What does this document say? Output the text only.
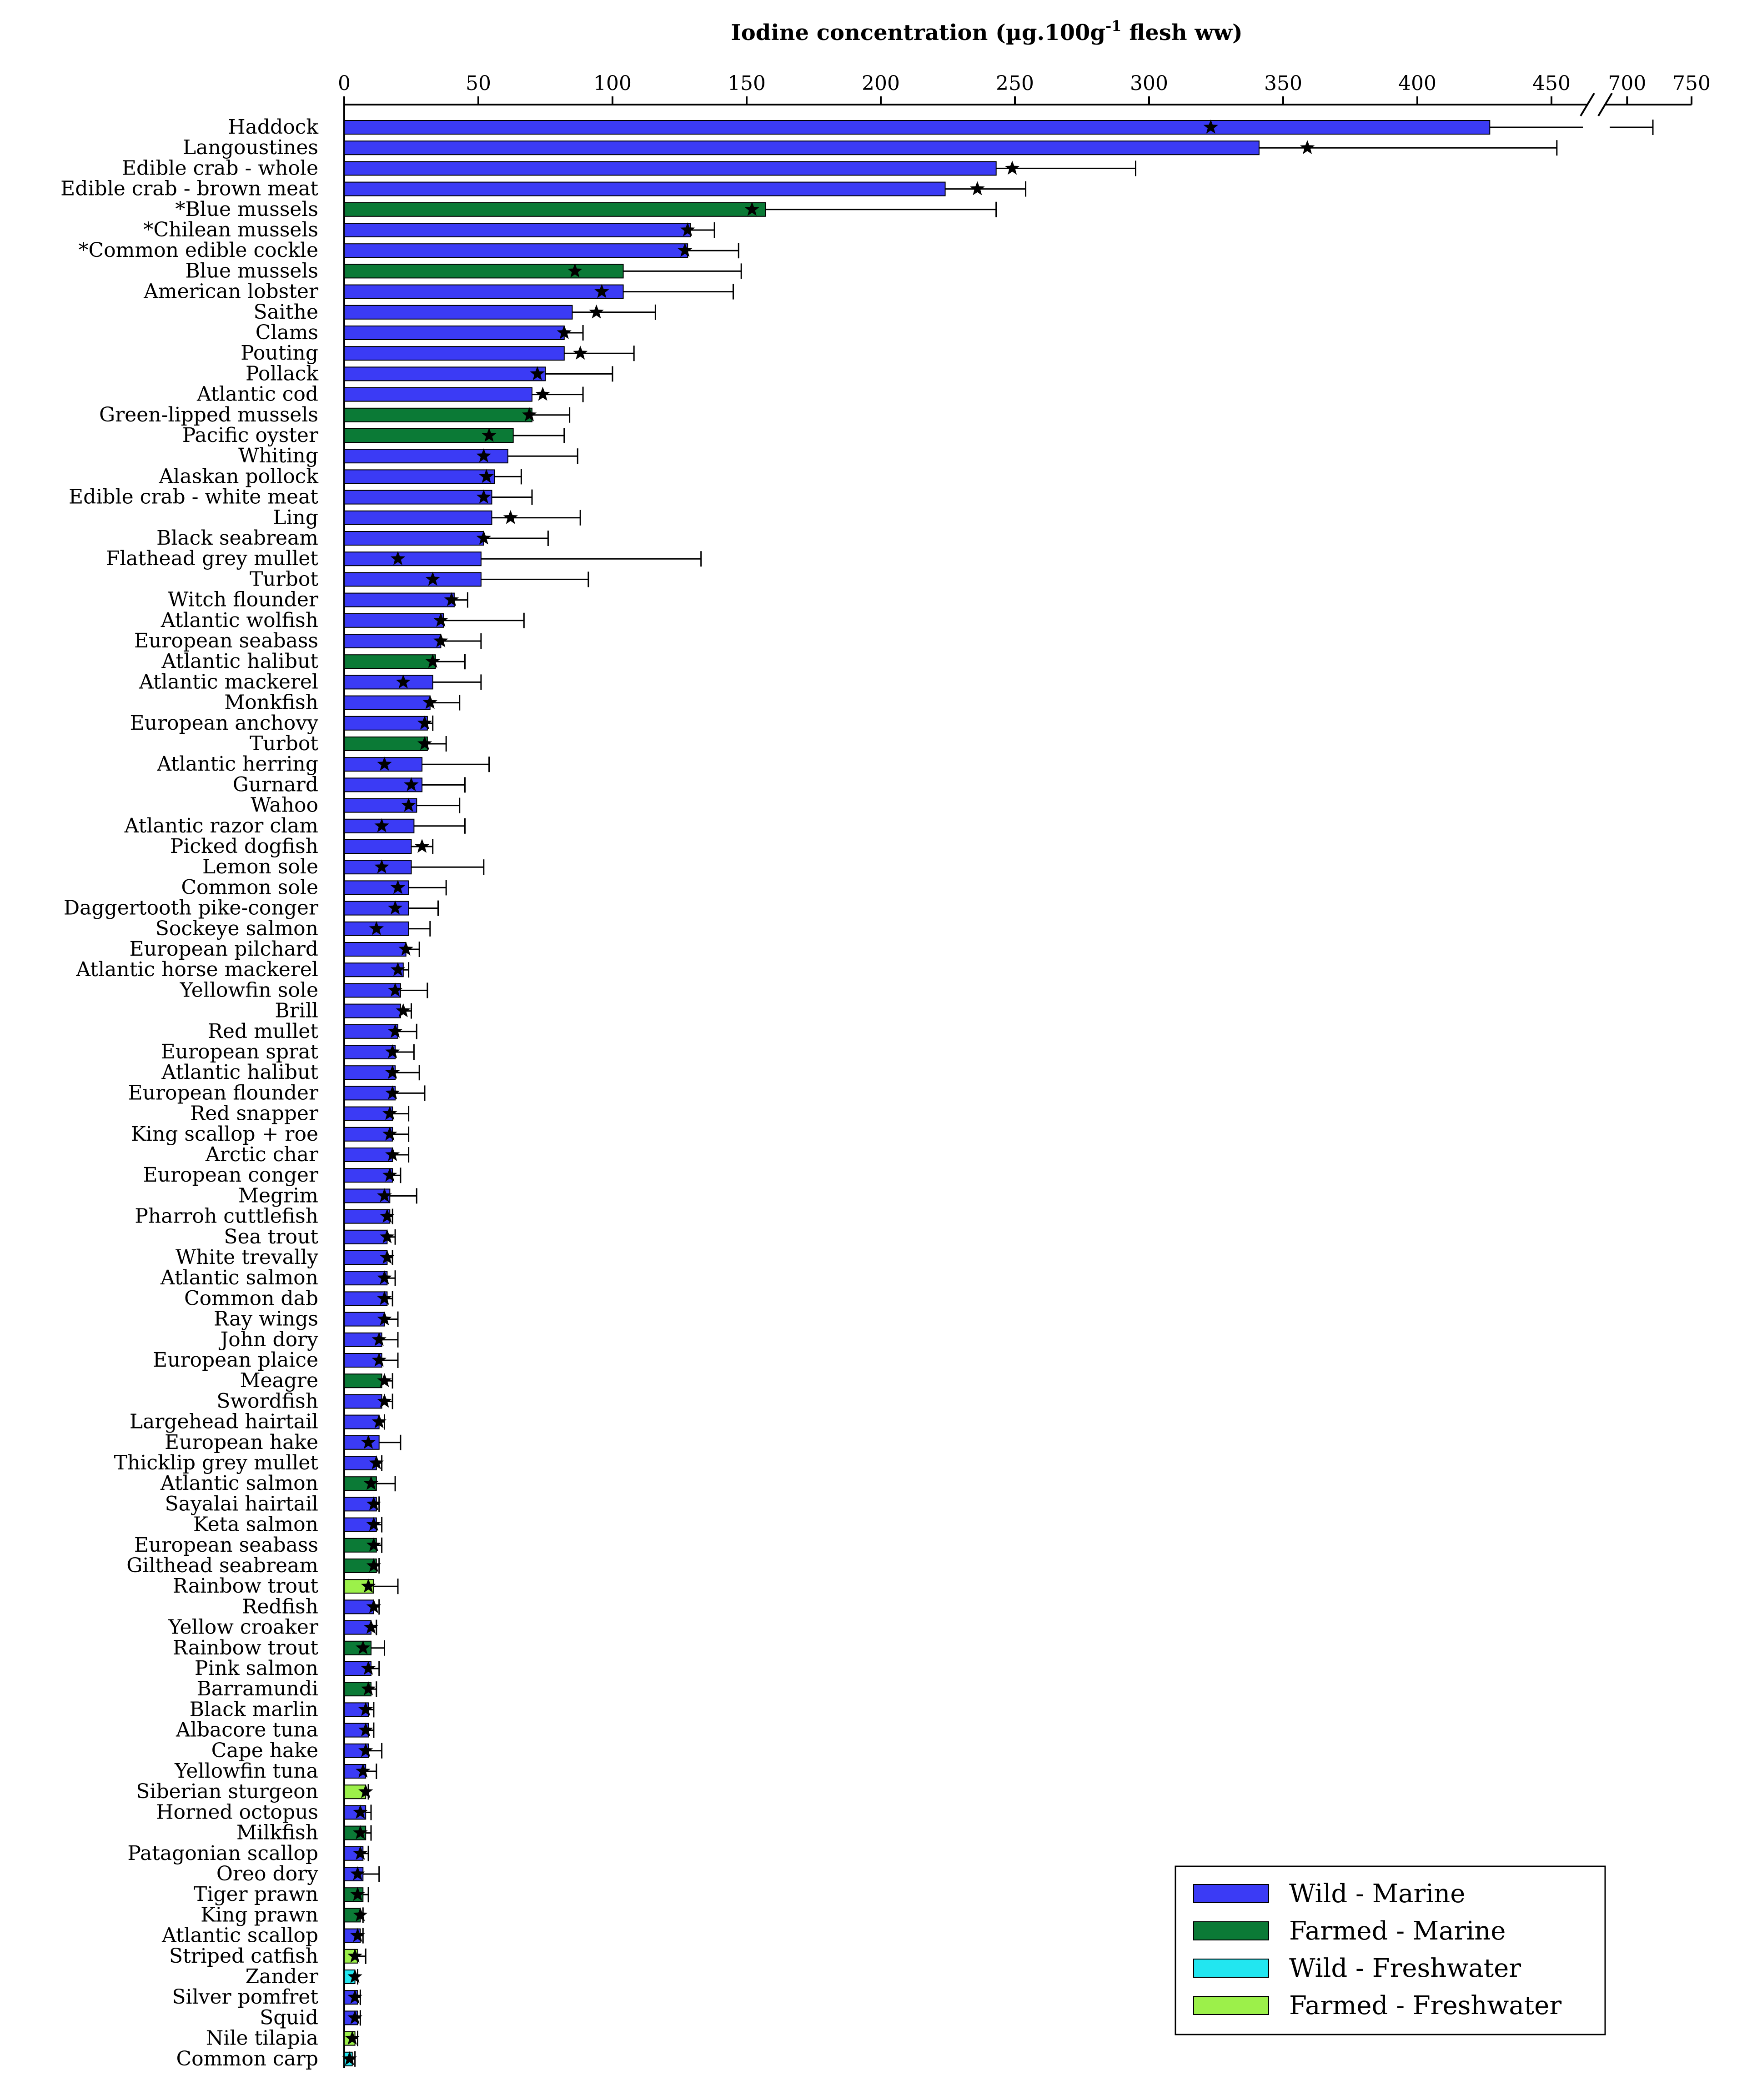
Iodine concentration ($\mu g.100g^{-1}$ flesh ww)
0	50	100	150	200	250	300	350	400	450 700 750
Haddock
Langoustines
Edible crab - whole
Edible crab - brown meat
*Blue mussels
*Chilean mussels
*Common edible cockle
Blue mussels
American lobster
Saithe
Clams
Pouting
Pollack
Atlantic cod
Green-lipped mussels
Pacific oyster
Whiting
Alaskan pollock
Edible crab - white meat
Ling
Black seabream
Flathead grey mullet
Turbot
Witch flounder
Atlantic wolfish
European seabass
Atlantic halibut
Atlantic mackerel
Monkfish
European anchovy
Turbot
Atlantic herring
Gurnard
Wahoo
Atlantic razor clam
Picked dogfish
Lemon sole
Common sole
Daggertooth pike-conger
Sockeye salmon
European pilchard
Atlantic horse mackerel
Yellowfin sole
Brill
Red mullet
European sprat
Atlantic halibut
European flounder
Red snapper
King scallop + roe
Arctic char
European conger
Megrim
Pharroh cuttlefish
Sea trout
White trevally
Atlantic salmon
Common dab
Ray wings
John dory
European plaice
Meagre
Swordfish
Largehead hairtail
European hake
Thicklip grey mullet
Atlantic salmon
Sayalai hairtail
Keta salmon
European seabass
Gilthead seabream
Rainbow trout
Redfish
Yellow croaker
Rainbow trout
Pink salmon
Barramundi
Black marlin
Albacore tuna
Cape hake
Yellowfin tuna
Siberian sturgeon
Horned octopus
Milkfish
Patagonian scallop
Oreo dory
Tiger prawn
King prawn
Atlantic scallop
Striped catfish
Zander
Silver pomfret
Squid
Nile tilapia
Common carp
Wild - Marine
Farmed - Marine
Wild - Freshwater
Farmed - Freshwater
